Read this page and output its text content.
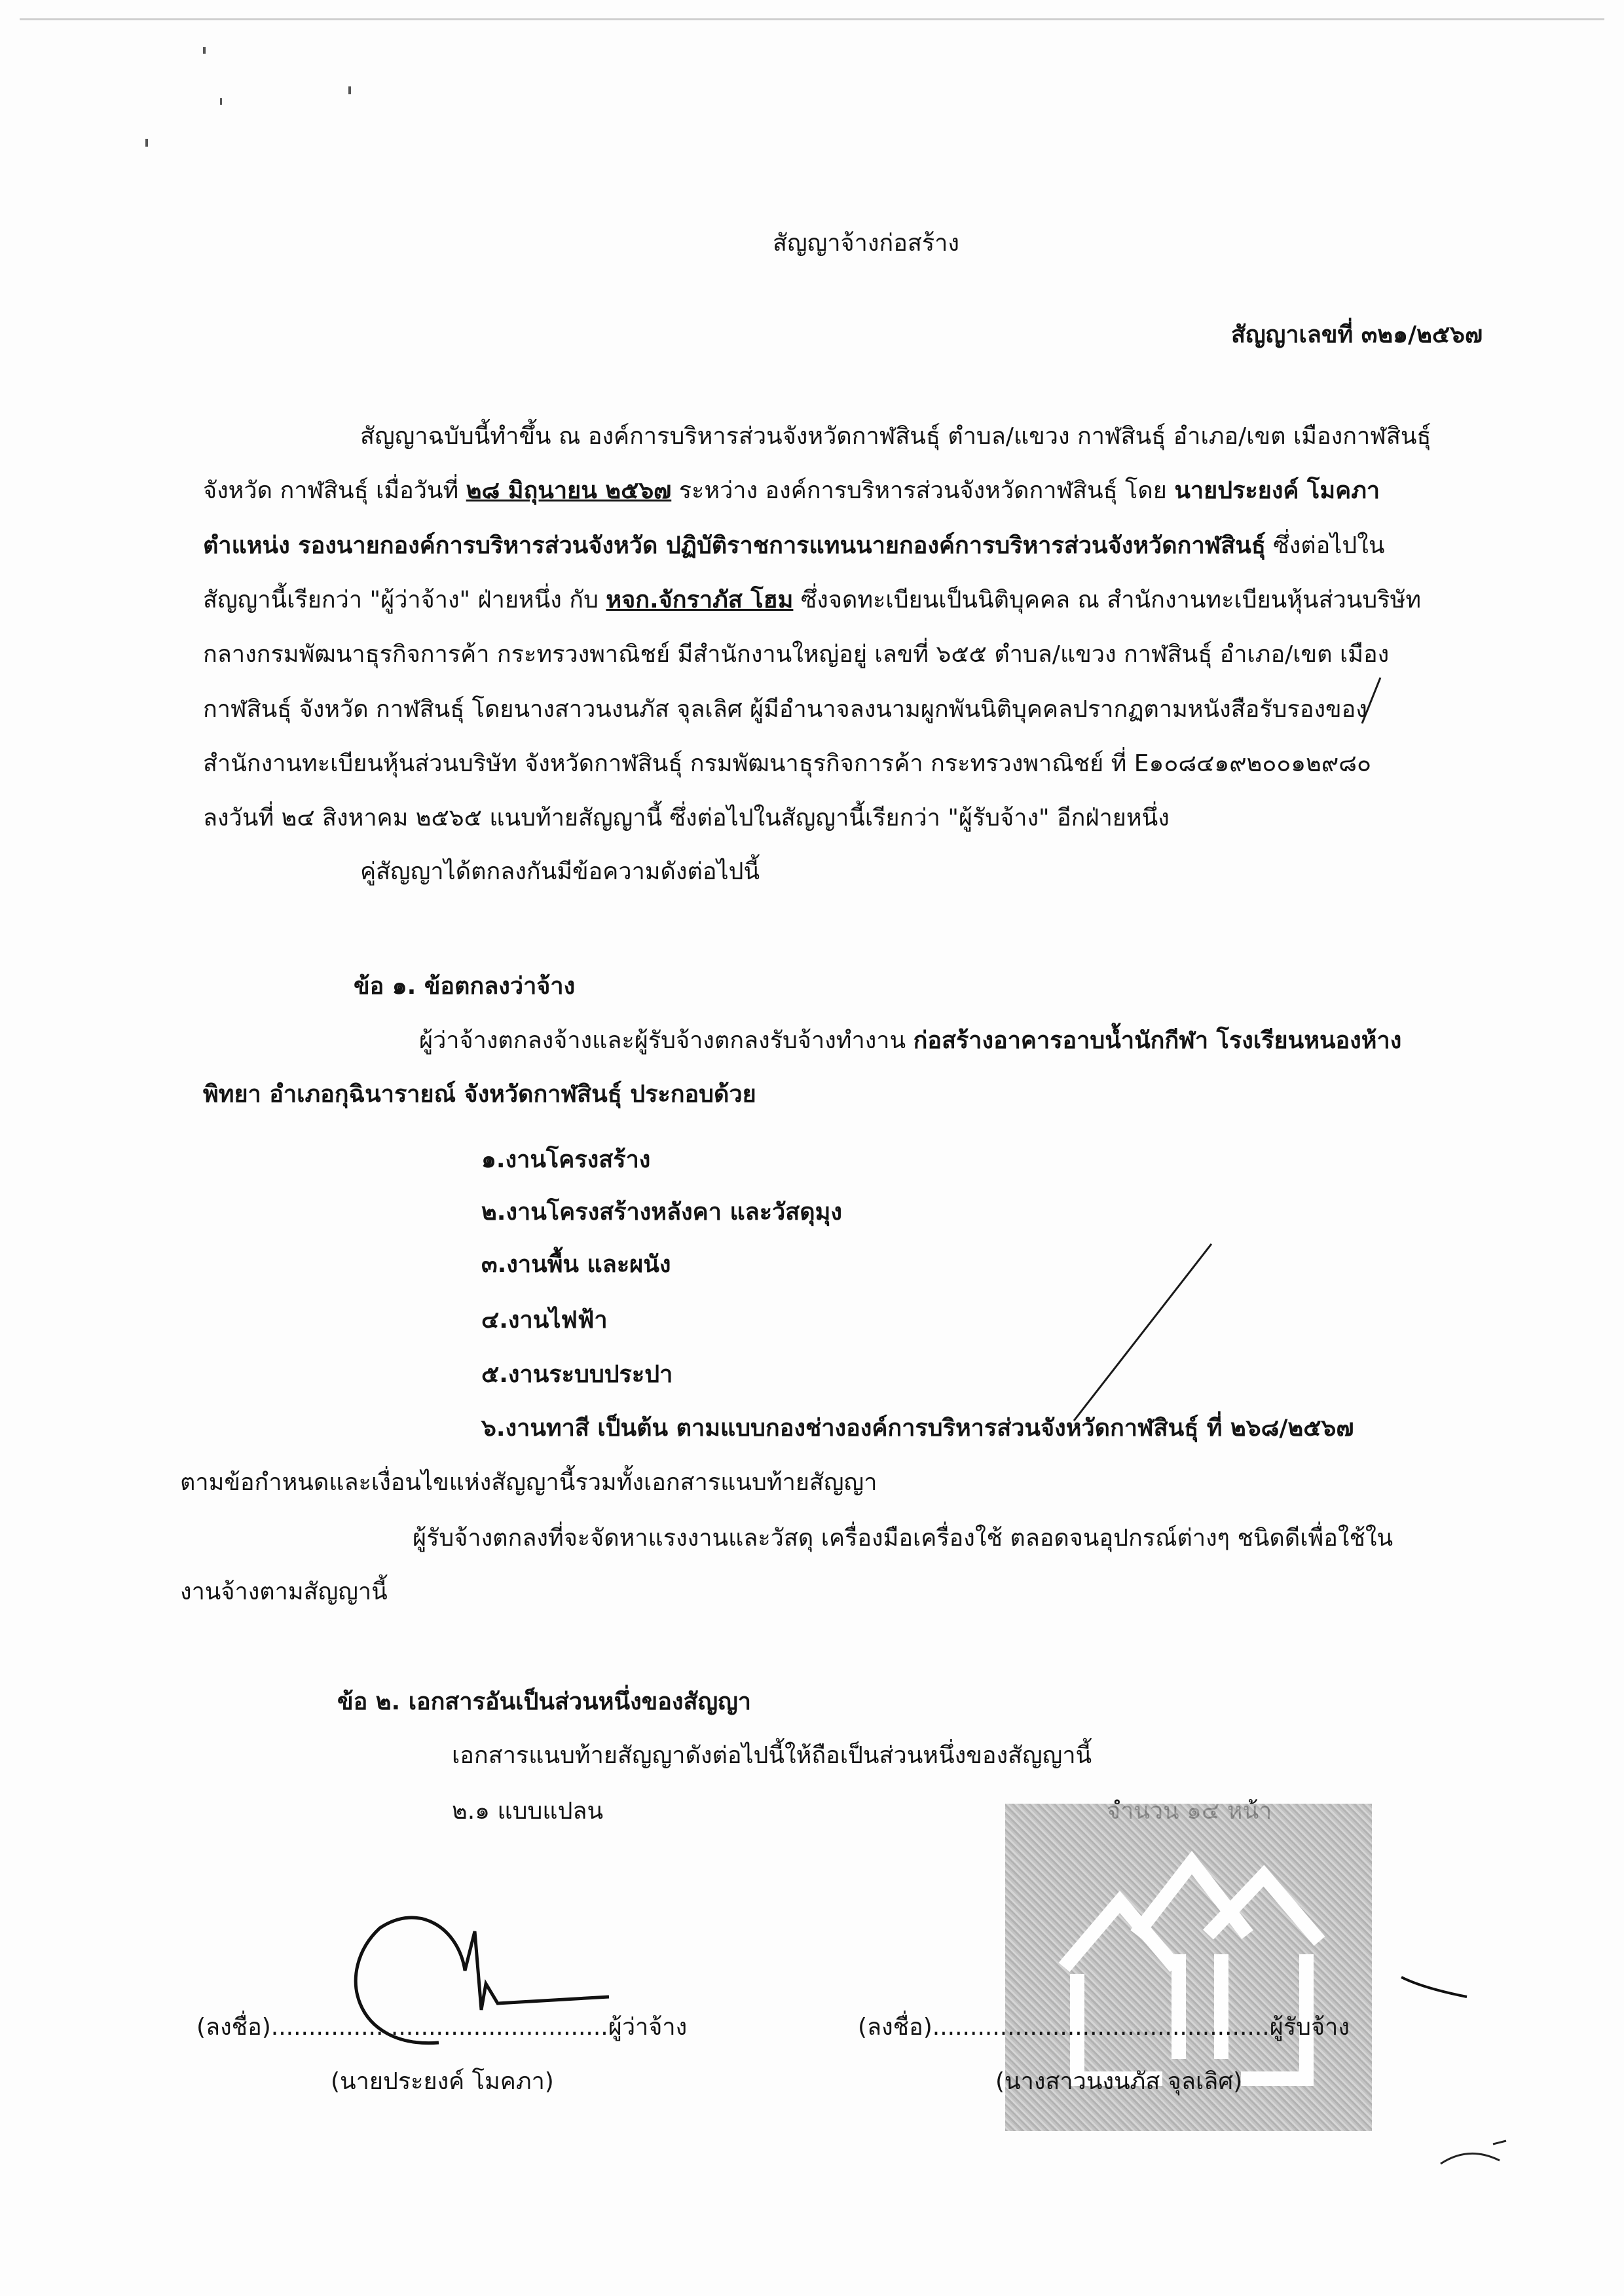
สัญญาจ้างก่อสร้าง
สัญญาเลขที่ ๓๒๑/๒๕๖๗
สัญญาฉบับนี้ทำขึ้น ณ องค์การบริหารส่วนจังหวัดกาฬสินธุ์ ตำบล/แขวง กาฬสินธุ์ อำเภอ/เขต เมืองกาฬสินธุ์
จังหวัด กาฬสินธุ์ เมื่อวันที่ ๒๘ มิถุนายน ๒๕๖๗ ระหว่าง องค์การบริหารส่วนจังหวัดกาฬสินธุ์ โดย นายประยงค์ โมคภา
ตำแหน่ง รองนายกองค์การบริหารส่วนจังหวัด ปฏิบัติราชการแทนนายกองค์การบริหารส่วนจังหวัดกาฬสินธุ์ ซึ่งต่อไปใน
สัญญานี้เรียกว่า "ผู้ว่าจ้าง" ฝ่ายหนึ่ง กับ หจก.จักราภัส โฮม ซึ่งจดทะเบียนเป็นนิติบุคคล ณ สำนักงานทะเบียนหุ้นส่วนบริษัท
กลางกรมพัฒนาธุรกิจการค้า กระทรวงพาณิชย์ มีสำนักงานใหญ่อยู่ เลขที่ ๖๕๕ ตำบล/แขวง กาฬสินธุ์ อำเภอ/เขต เมือง
กาฬสินธุ์ จังหวัด กาฬสินธุ์ โดยนางสาวนงนภัส จุลเลิศ ผู้มีอำนาจลงนามผูกพันนิติบุคคลปรากฏตามหนังสือรับรองของ
สำนักงานทะเบียนหุ้นส่วนบริษัท จังหวัดกาฬสินธุ์ กรมพัฒนาธุรกิจการค้า กระทรวงพาณิชย์ ที่ E๑๐๘๔๑๙๒๐๐๑๒๙๘๐
ลงวันที่ ๒๔ สิงหาคม ๒๕๖๕ แนบท้ายสัญญานี้ ซึ่งต่อไปในสัญญานี้เรียกว่า "ผู้รับจ้าง" อีกฝ่ายหนึ่ง
คู่สัญญาได้ตกลงกันมีข้อความดังต่อไปนี้
ข้อ ๑. ข้อตกลงว่าจ้าง
ผู้ว่าจ้างตกลงจ้างและผู้รับจ้างตกลงรับจ้างทำงาน ก่อสร้างอาคารอาบน้ำนักกีฬา โรงเรียนหนองห้าง
พิทยา อำเภอกุฉินารายณ์ จังหวัดกาฬสินธุ์ ประกอบด้วย
๑.งานโครงสร้าง
๒.งานโครงสร้างหลังคา และวัสดุมุง
๓.งานพื้น และผนัง
๔.งานไฟฟ้า
๕.งานระบบประปา
๖.งานทาสี เป็นต้น ตามแบบกองช่างองค์การบริหารส่วนจังหวัดกาฬสินธุ์ ที่ ๒๖๘/๒๕๖๗
ตามข้อกำหนดและเงื่อนไขแห่งสัญญานี้รวมทั้งเอกสารแนบท้ายสัญญา
ผู้รับจ้างตกลงที่จะจัดหาแรงงานและวัสดุ เครื่องมือเครื่องใช้ ตลอดจนอุปกรณ์ต่างๆ ชนิดดีเพื่อใช้ใน
งานจ้างตามสัญญานี้
ข้อ ๒. เอกสารอันเป็นส่วนหนึ่งของสัญญา
เอกสารแนบท้ายสัญญาดังต่อไปนี้ให้ถือเป็นส่วนหนึ่งของสัญญานี้
๒.๑ แบบแปลน
(ลงชื่อ).............................................ผู้ว่าจ้าง
(นายประยงค์ โมคภา)
(ลงชื่อ).............................................ผู้รับจ้าง
(นางสาวนงนภัส จุลเลิศ)
